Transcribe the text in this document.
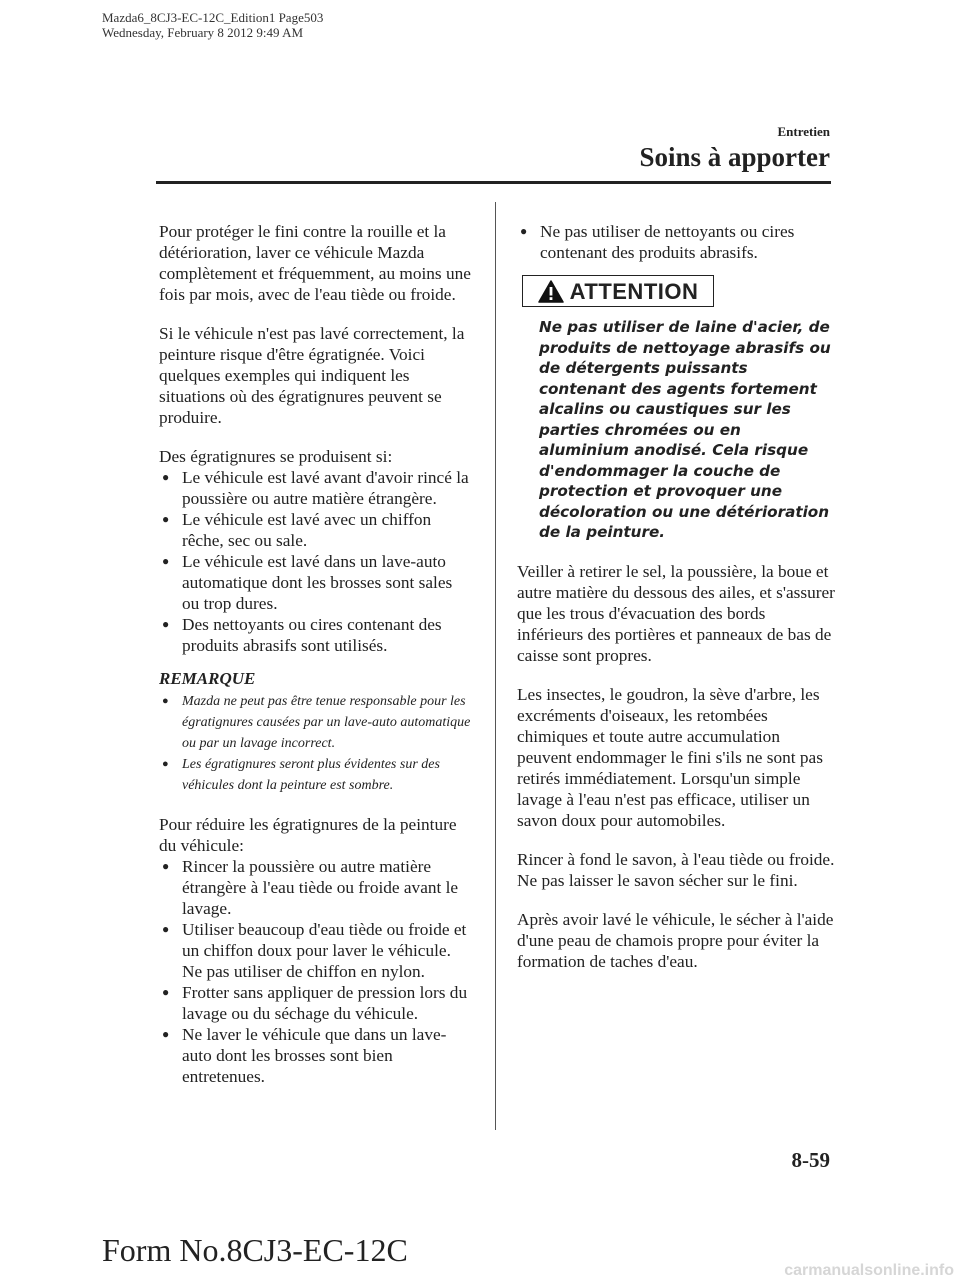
Mazda6_8CJ3-EC-12C_Edition1 Page503
Wednesday, February 8 2012 9:49 AM
Entretien
Soins à apporter

Pour protéger le fini contre la rouille et la détérioration, laver ce véhicule Mazda complètement et fréquemment, au moins une fois par mois, avec de l'eau tiède ou froide.

Si le véhicule n'est pas lavé correctement, la peinture risque d'être égratignée. Voici quelques exemples qui indiquent les situations où des égratignures peuvent se produire.

Des égratignures se produisent si:

● Le véhicule est lavé avant d'avoir rincé la poussière ou autre matière étrangère.
● Le véhicule est lavé avec un chiffon rêche, sec ou sale.
● Le véhicule est lavé dans un lave-auto automatique dont les brosses sont sales ou trop dures.
● Des nettoyants ou cires contenant des produits abrasifs sont utilisés.

REMARQUE

● Mazda ne peut pas être tenue responsable pour les égratignures causées par un lave-auto automatique ou par un lavage incorrect.
● Les égratignures seront plus évidentes sur des véhicules dont la peinture est sombre.

Pour réduire les égratignures de la peinture du véhicule:

● Rincer la poussière ou autre matière étrangère à l'eau tiède ou froide avant le lavage.
● Utiliser beaucoup d'eau tiède ou froide et un chiffon doux pour laver le véhicule. Ne pas utiliser de chiffon en nylon.
● Frotter sans appliquer de pression lors du lavage ou du séchage du véhicule.
● Ne laver le véhicule que dans un lave-auto dont les brosses sont bien entretenues.
● Ne pas utiliser de nettoyants ou cires contenant des produits abrasifs.
ATTENTION

Ne pas utiliser de laine d'acier, de produits de nettoyage abrasifs ou de détergents puissants contenant des agents fortement alcalins ou caustiques sur les parties chromées ou en aluminium anodisé. Cela risque d'endommager la couche de protection et provoquer une décoloration ou une détérioration de la peinture.

Veiller à retirer le sel, la poussière, la boue et autre matière du dessous des ailes, et s'assurer que les trous d'évacuation des bords inférieurs des portières et panneaux de bas de caisse sont propres.

Les insectes, le goudron, la sève d'arbre, les excréments d'oiseaux, les retombées chimiques et toute autre accumulation peuvent endommager le fini s'ils ne sont pas retirés immédiatement. Lorsqu'un simple lavage à l'eau n'est pas efficace, utiliser un savon doux pour automobiles.

Rincer à fond le savon, à l'eau tiède ou froide. Ne pas laisser le savon sécher sur le fini.

Après avoir lavé le véhicule, le sécher à l'aide d'une peau de chamois propre pour éviter la formation de taches d'eau.

8-59
Form No.8CJ3-EC-12C
carmanualsonline.info
